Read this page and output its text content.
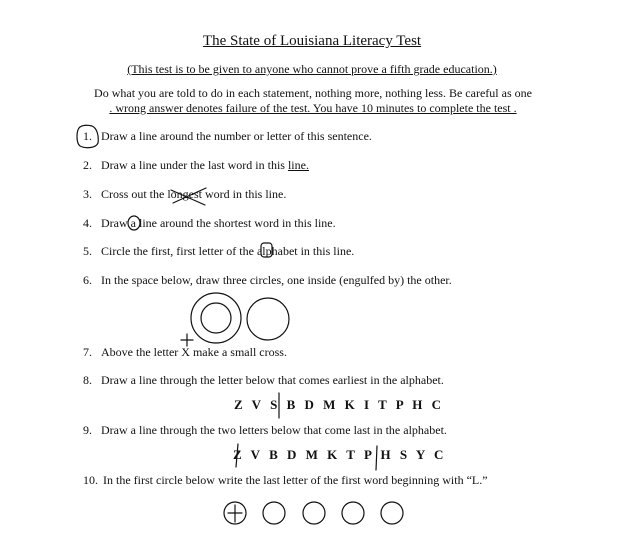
The State of Louisiana Literacy Test
(This test is to be given to anyone who cannot prove a fifth grade education.)
Do what you are told to do in each statement, nothing more, nothing less. Be careful as one
. wrong answer denotes failure of the test. You have 10 minutes to complete the test .
1. Draw a line around the number or letter of this sentence.
2. Draw a line under the last word in this line.
3. Cross out the longest word in this line.
4. Draw a line around the shortest word in this line.
5. Circle the first, first letter of the alphabet in this line.
6. In the space below, draw three circles, one inside (engulfed by) the other.
7. Above the letter X make a small cross.
8. Draw a line through the letter below that comes earliest in the alphabet.
Z V S B D M K I T P H C
9. Draw a line through the two letters below that come last in the alphabet.
Z V B D M K T P H S Y C
10. In the first circle below write the last letter of the first word beginning with “L.”
